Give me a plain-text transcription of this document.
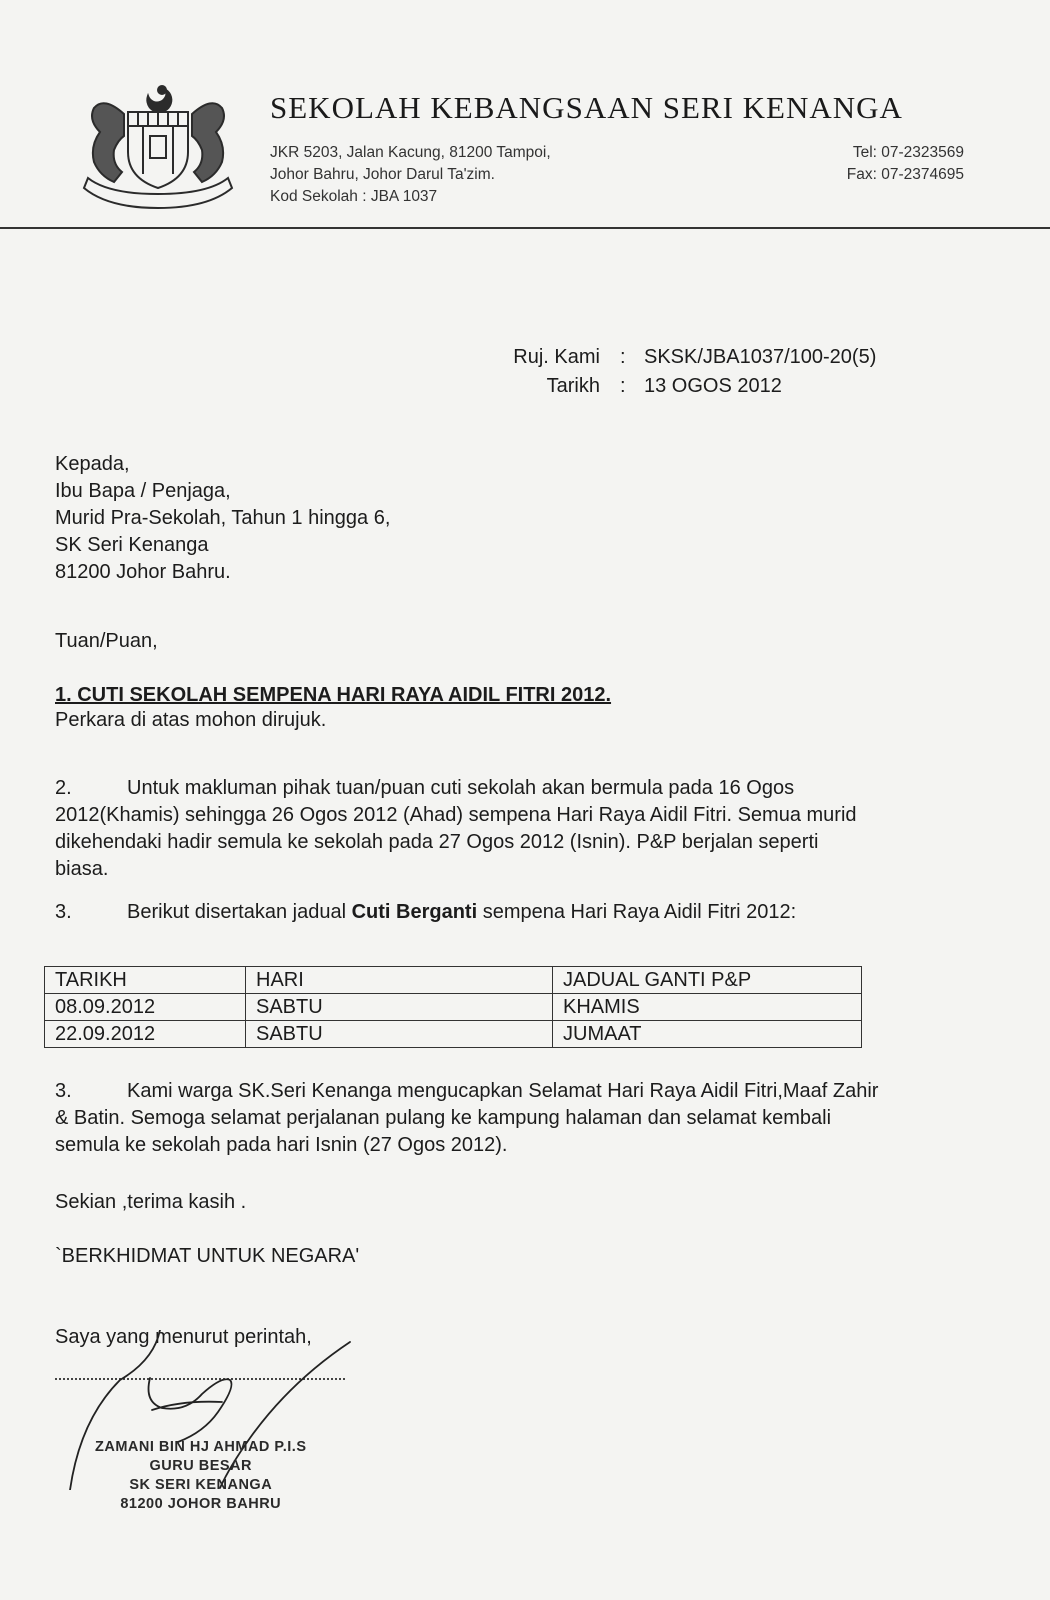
SEKOLAH KEBANGSAAN SERI KENANGA
JKR 5203, Jalan Kacung, 81200 Tampoi,
Johor Bahru, Johor Darul Ta'zim.
Kod Sekolah : JBA 1037
Tel: 07-2323569
Fax: 07-2374695
Ruj. Kami : SKSK/JBA1037/100-20(5)
Tarikh : 13 OGOS 2012
Kepada,
Ibu Bapa / Penjaga,
Murid Pra-Sekolah, Tahun 1 hingga 6,
SK Seri Kenanga
81200 Johor Bahru.
Tuan/Puan,
1. CUTI SEKOLAH SEMPENA HARI RAYA AIDIL FITRI 2012.
Perkara di atas mohon dirujuk.
2.	Untuk makluman pihak tuan/puan cuti sekolah akan bermula pada 16 Ogos
2012(Khamis) sehingga 26 Ogos 2012 (Ahad) sempena Hari Raya Aidil Fitri. Semua murid
dikehendaki hadir semula ke sekolah pada 27 Ogos 2012 (Isnin). P&P berjalan seperti
biasa.
3.	Berikut disertakan jadual Cuti Berganti sempena Hari Raya Aidil Fitri 2012:
TARIKH	HARI	JADUAL GANTI P&P
08.09.2012	SABTU	KHAMIS
22.09.2012	SABTU	JUMAAT
3.	Kami warga SK.Seri Kenanga mengucapkan Selamat Hari Raya Aidil Fitri,Maaf Zahir
& Batin. Semoga selamat perjalanan pulang ke kampung halaman dan selamat kembali
semula ke sekolah pada hari Isnin (27 Ogos 2012).
Sekian ,terima kasih .
`BERKHIDMAT UNTUK NEGARA'
Saya yang menurut perintah,
ZAMANI BIN HJ AHMAD P.I.S
GURU BESAR
SK SERI KENANGA
81200 JOHOR BAHRU
